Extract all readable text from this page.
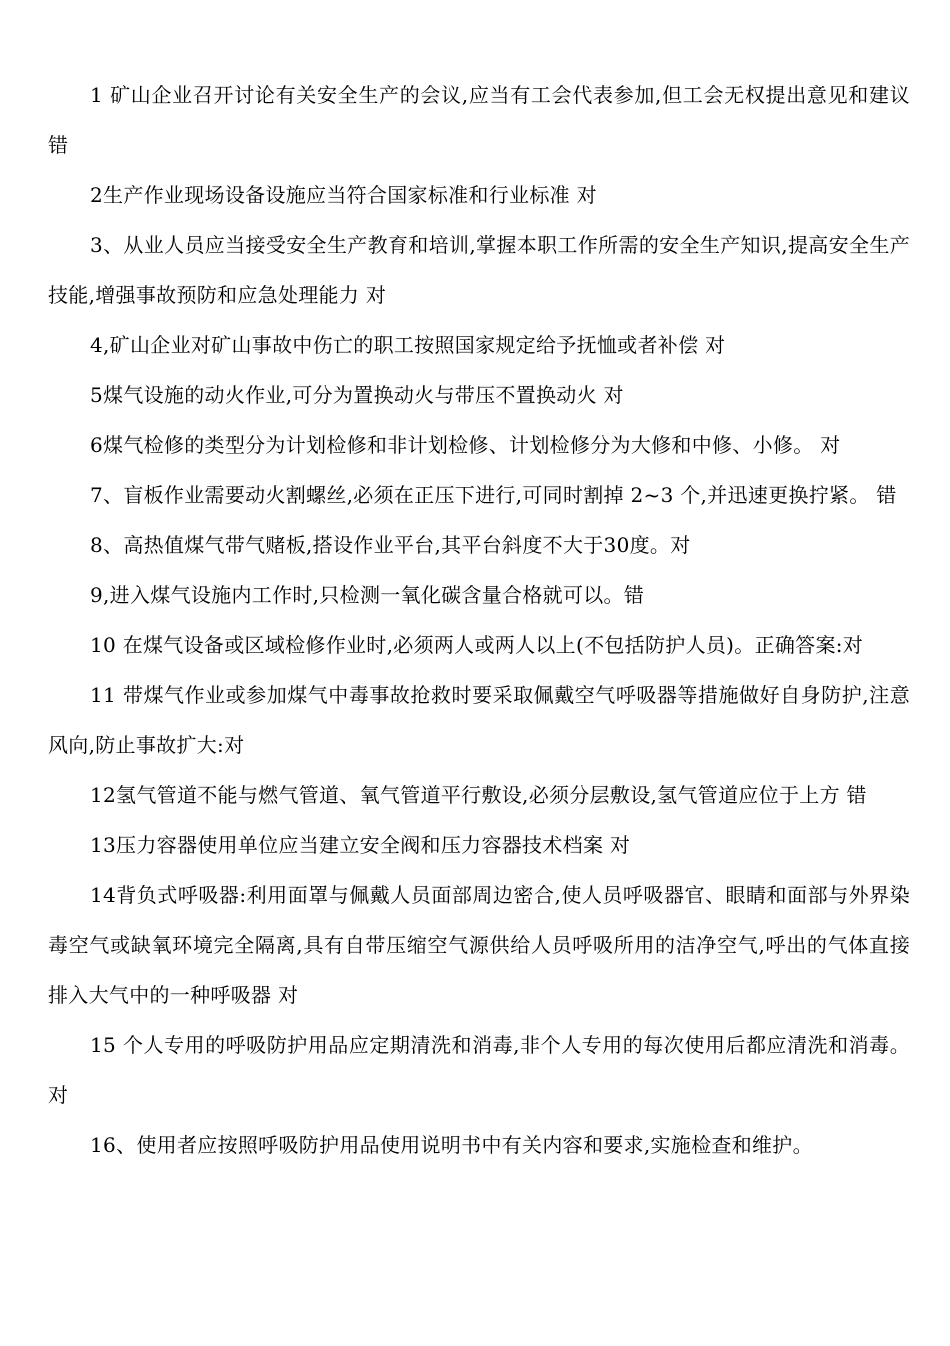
1 矿山企业召开讨论有关安全生产的会议,应当有工会代表参加,但工会无权提出意见和建议 错

2生产作业现场设备设施应当符合国家标准和行业标准 对

3、从业人员应当接受安全生产教育和培训,掌握本职工作所需的安全生产知识,提高安全生产技能,增强事故预防和应急处理能力 对

4,矿山企业对矿山事故中伤亡的职工按照国家规定给予抚恤或者补偿 对

5煤气设施的动火作业,可分为置换动火与带压不置换动火 对

6煤气检修的类型分为计划检修和非计划检修、计划检修分为大修和中修、小修。 对

7、盲板作业需要动火割螺丝,必须在正压下进行,可同时割掉 2~3 个,并迅速更换拧紧。 错

8、高热值煤气带气赌板,搭设作业平台,其平台斜度不大于30度。对

9,进入煤气设施内工作时,只检测一氧化碳含量合格就可以。错

10 在煤气设备或区域检修作业时,必须两人或两人以上(不包括防护人员)。正确答案:对

11 带煤气作业或参加煤气中毒事故抢救时要采取佩戴空气呼吸器等措施做好自身防护,注意风向,防止事故扩大:对

12氢气管道不能与燃气管道、氧气管道平行敷设,必须分层敷设,氢气管道应位于上方 错

13压力容器使用单位应当建立安全阀和压力容器技术档案 对

14背负式呼吸器:利用面罩与佩戴人员面部周边密合,使人员呼吸器官、眼睛和面部与外界染毒空气或缺氧环境完全隔离,具有自带压缩空气源供给人员呼吸所用的洁净空气,呼出的气体直接排入大气中的一种呼吸器 对

15 个人专用的呼吸防护用品应定期清洗和消毒,非个人专用的每次使用后都应清洗和消毒。对

16、使用者应按照呼吸防护用品使用说明书中有关内容和要求,实施检查和维护。
